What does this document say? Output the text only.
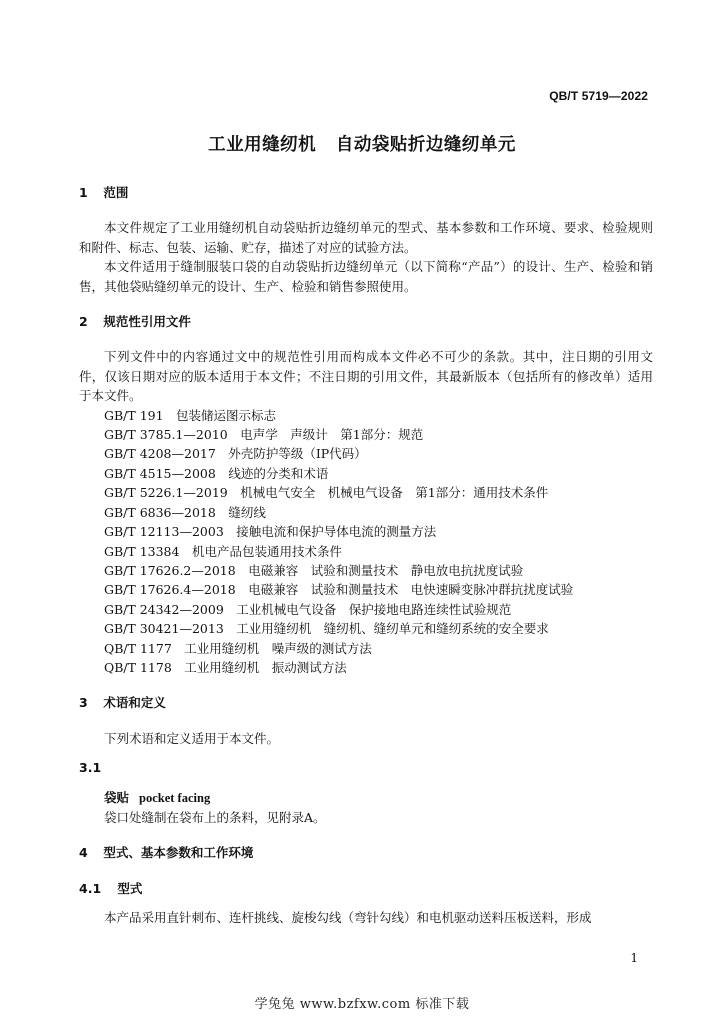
QB/T 5719—2022
工业用缝纫机   自动袋贴折边缝纫单元
1 范围
本文件规定了工业用缝纫机自动袋贴折边缝纫单元的型式、基本参数和工作环境、要求、检验规则和附件、标志、包装、运输、贮存，描述了对应的试验方法。
本文件适用于缝制服装口袋的自动袋贴折边缝纫单元（以下简称“产品”）的设计、生产、检验和销售，其他袋贴缝纫单元的设计、生产、检验和销售参照使用。
2 规范性引用文件
下列文件中的内容通过文中的规范性引用而构成本文件必不可少的条款。其中，注日期的引用文件，仅该日期对应的版本适用于本文件；不注日期的引用文件，其最新版本（包括所有的修改单）适用于本文件。
GB/T 191　包装储运图示标志
GB/T 3785.1—2010　电声学　声级计　第1部分：规范
GB/T 4208—2017　外壳防护等级（IP代码）
GB/T 4515—2008　线迹的分类和术语
GB/T 5226.1—2019　机械电气安全　机械电气设备　第1部分：通用技术条件
GB/T 6836—2018　缝纫线
GB/T 12113—2003　接触电流和保护导体电流的测量方法
GB/T 13384　机电产品包装通用技术条件
GB/T 17626.2—2018　电磁兼容　试验和测量技术　静电放电抗扰度试验
GB/T 17626.4—2018　电磁兼容　试验和测量技术　电快速瞬变脉冲群抗扰度试验
GB/T 24342—2009　工业机械电气设备　保护接地电路连续性试验规范
GB/T 30421—2013　工业用缝纫机　缝纫机、缝纫单元和缝纫系统的安全要求
QB/T 1177　工业用缝纫机　噪声级的测试方法
QB/T 1178　工业用缝纫机　振动测试方法
3 术语和定义
下列术语和定义适用于本文件。
3.1
袋贴 pocket facing
袋口处缝制在袋布上的条料，见附录A。
4 型式、基本参数和工作环境
4.1 型式
本产品采用直针刺布、连杆挑线、旋梭勾线（弯针勾线）和电机驱动送料压板送料，形成
1
学兔兔 www.bzfxw.com 标准下载
